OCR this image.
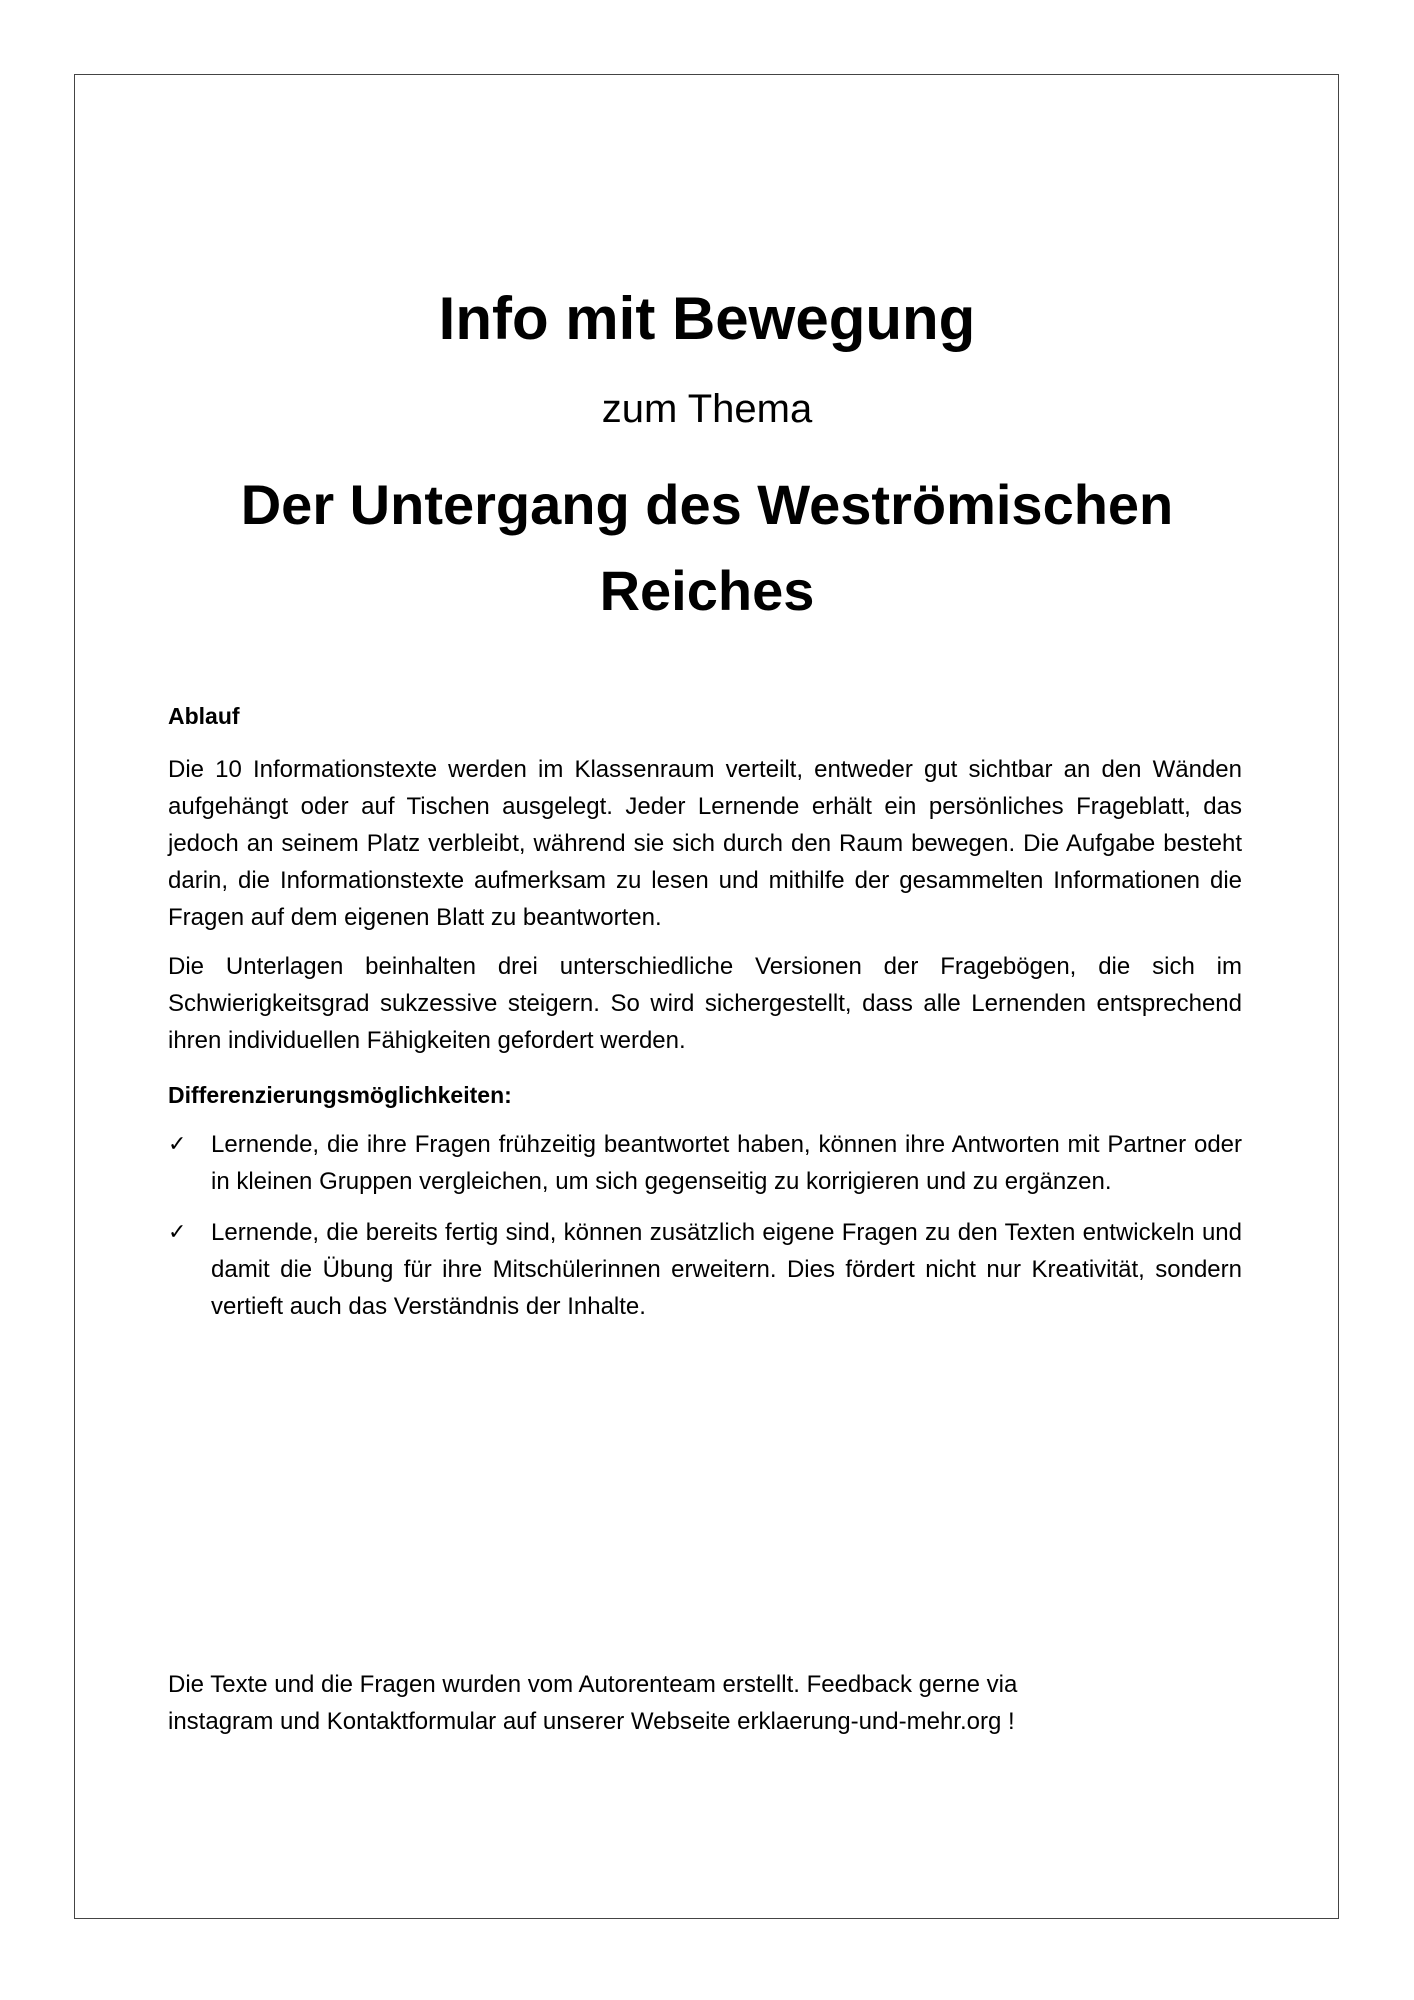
Info mit Bewegung

zum Thema

Der Untergang des Weströmischen Reiches
Ablauf

Die 10 Informationstexte werden im Klassenraum verteilt, entweder gut sichtbar an den Wänden aufgehängt oder auf Tischen ausgelegt. Jeder Lernende erhält ein persönliches Frageblatt, das jedoch an seinem Platz verbleibt, während sie sich durch den Raum bewegen. Die Aufgabe besteht darin, die Informationstexte aufmerksam zu lesen und mithilfe der gesammelten Informationen die Fragen auf dem eigenen Blatt zu beantworten.

Die Unterlagen beinhalten drei unterschiedliche Versionen der Fragebögen, die sich im Schwierigkeitsgrad sukzessive steigern. So wird sichergestellt, dass alle Lernenden entsprechend ihren individuellen Fähigkeiten gefordert werden.

Differenzierungsmöglichkeiten:
✓ Lernende, die ihre Fragen frühzeitig beantwortet haben, können ihre Antworten mit Partner oder in kleinen Gruppen vergleichen, um sich gegenseitig zu korrigieren und zu ergänzen.
✓ Lernende, die bereits fertig sind, können zusätzlich eigene Fragen zu den Texten entwickeln und damit die Übung für ihre Mitschülerinnen erweitern. Dies fördert nicht nur Kreativität, sondern vertieft auch das Verständnis der Inhalte.

Die Texte und die Fragen wurden vom Autorenteam erstellt. Feedback gerne via
instagram und Kontaktformular auf unserer Webseite erklaerung-und-mehr.org !
